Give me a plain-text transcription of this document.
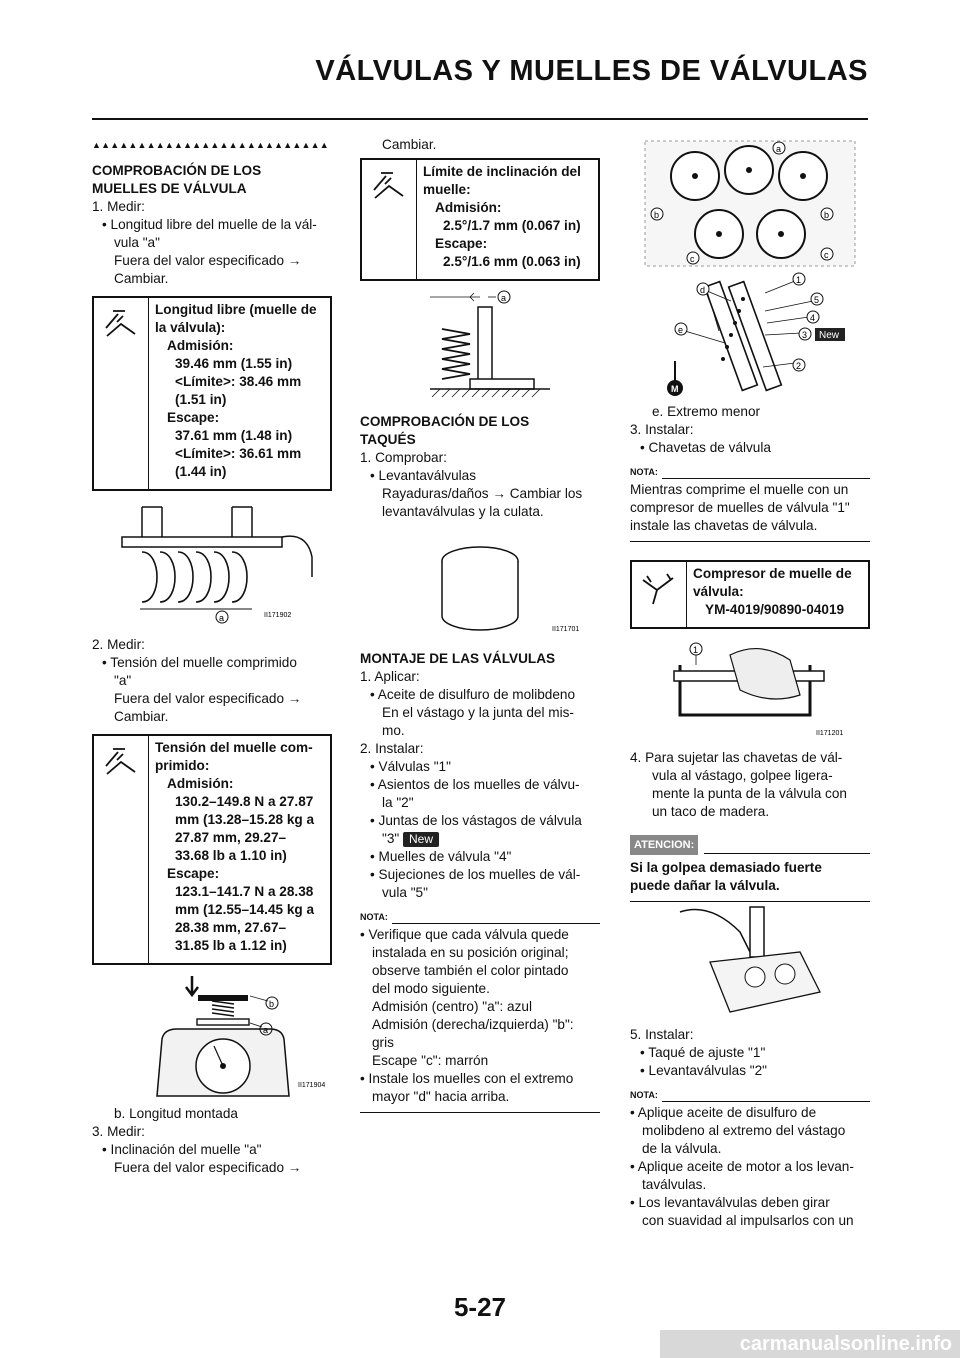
VÁLVULAS Y MUELLES DE VÁLVULAS
▲▲▲▲▲▲▲▲▲▲▲▲▲▲▲▲▲▲▲▲▲▲▲▲▲▲

COMPROBACIÓN DE LOS

MUELLES DE VÁLVULA

1. Medir:

• Longitud libre del muelle de la vál-

vula "a"

Fuera del valor especificado →

Cambiar.

Longitud libre (muelle de
la válvula):
Admisión:
39.46 mm (1.55 in)
<Límite>: 38.46 mm
(1.51 in)
Escape:
37.61 mm (1.48 in)
<Límite>: 36.61 mm
(1.44 in)
a	II171902

2. Medir:

• Tensión del muelle comprimido

"a"

Fuera del valor especificado →

Cambiar.

Tensión del muelle com-
primido:
Admisión:
130.2–149.8 N a 27.87
mm (13.28–15.28 kg a
27.87 mm, 29.27–
33.68 lb a 1.10 in)
Escape:
123.1–141.7 N a 28.38
mm (12.55–14.45 kg a
28.38 mm, 27.67–
31.85 lb a 1.12 in)
b
a
II171904

b. Longitud montada

3. Medir:

• Inclinación del muelle "a"

Fuera del valor especificado →

Cambiar.

Límite de inclinación del
muelle:
Admisión:
2.5°/1.7 mm (0.067 in)
Escape:
2.5°/1.6 mm (0.063 in)
a

COMPROBACIÓN DE LOS

TAQUÉS

1. Comprobar:

• Levantaválvulas

Rayaduras/daños → Cambiar los

levantaválvulas y la culata.

II171701

MONTAJE DE LAS VÁLVULAS

1. Aplicar:

• Aceite de disulfuro de molibdeno

En el vástago y la junta del mis-

mo.

2. Instalar:

• Válvulas "1"

• Asientos de los muelles de válvu-

la "2"

• Juntas de los vástagos de válvula

"3" New

• Muelles de válvula "4"

• Sujeciones de los muelles de vál-

vula "5"

NOTA:

• Verifique que cada válvula quede

instalada en su posición original;

observe también el color pintado

del modo siguiente.

Admisión (centro) "a": azul

Admisión (derecha/izquierda) "b":

gris

Escape "c": marrón

• Instale los muelles con el extremo

mayor "d" hacia arriba.

a
b	b
c	c
M
d
e
1
5
4
3 New
2

e. Extremo menor

3. Instalar:

• Chavetas de válvula

NOTA:

Mientras comprime el muelle con un

compresor de muelles de válvula "1"

instale las chavetas de válvula.

Compresor de muelle de
válvula:
YM-4019/90890-04019
1
II171201

4. Para sujetar las chavetas de vál-

vula al vástago, golpee ligera-

mente la punta de la válvula con

un taco de madera.

ATENCION:

Si la golpea demasiado fuerte

puede dañar la válvula.

5. Instalar:

• Taqué de ajuste "1"

• Levantaválvulas "2"

NOTA:

• Aplique aceite de disulfuro de

molibdeno al extremo del vástago

de la válvula.

• Aplique aceite de motor a los levan-

taválvulas.

• Los levantaválvulas deben girar

con suavidad al impulsarlos con un

5-27
carmanualsonline.info
